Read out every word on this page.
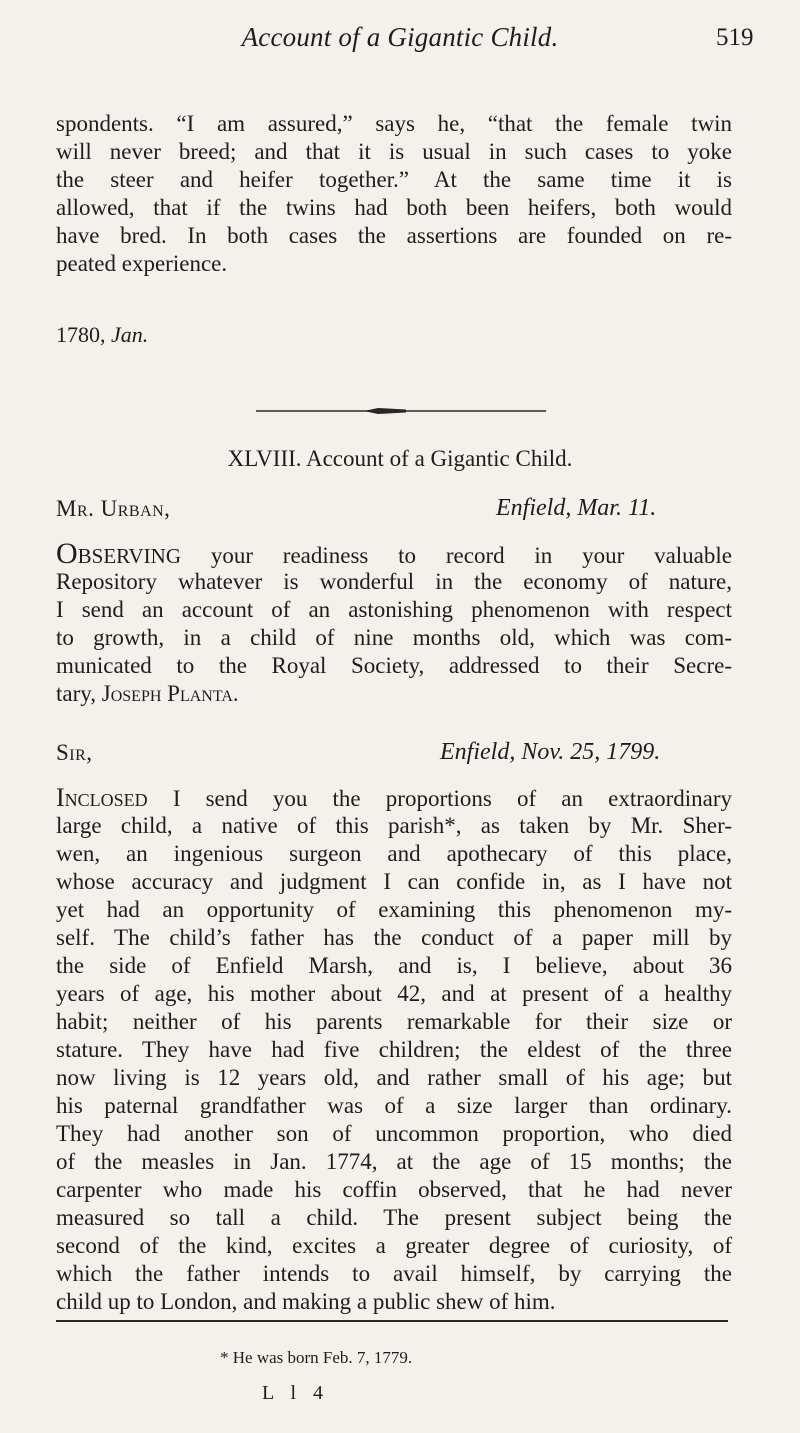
Account of a Gigantic Child.	519
spondents. “I am assured,” says he, “that the female twin
will never breed; and that it is usual in such cases to yoke
the steer and heifer together.” At the same time it is
allowed, that if the twins had both been heifers, both would
have bred. In both cases the assertions are founded on re-
peated experience.
1780, Jan.
XLVIII. Account of a Gigantic Child.
Mr. Urban,	Enfield, Mar. 11.
Observing your readiness to record in your valuable
Repository whatever is wonderful in the economy of nature,
I send an account of an astonishing phenomenon with respect
to growth, in a child of nine months old, which was com-
municated to the Royal Society, addressed to their Secre-
tary, Joseph Planta.
Sir,	Enfield, Nov. 25, 1799.
Inclosed I send you the proportions of an extraordinary
large child, a native of this parish*, as taken by Mr. Sher-
wen, an ingenious surgeon and apothecary of this place,
whose accuracy and judgment I can confide in, as I have not
yet had an opportunity of examining this phenomenon my-
self. The child’s father has the conduct of a paper mill by
the side of Enfield Marsh, and is, I believe, about 36
years of age, his mother about 42, and at present of a healthy
habit; neither of his parents remarkable for their size or
stature. They have had five children; the eldest of the three
now living is 12 years old, and rather small of his age; but
his paternal grandfather was of a size larger than ordinary.
They had another son of uncommon proportion, who died
of the measles in Jan. 1774, at the age of 15 months; the
carpenter who made his coffin observed, that he had never
measured so tall a child. The present subject being the
second of the kind, excites a greater degree of curiosity, of
which the father intends to avail himself, by carrying the
child up to London, and making a public shew of him.
* He was born Feb. 7, 1779.
L l 4
